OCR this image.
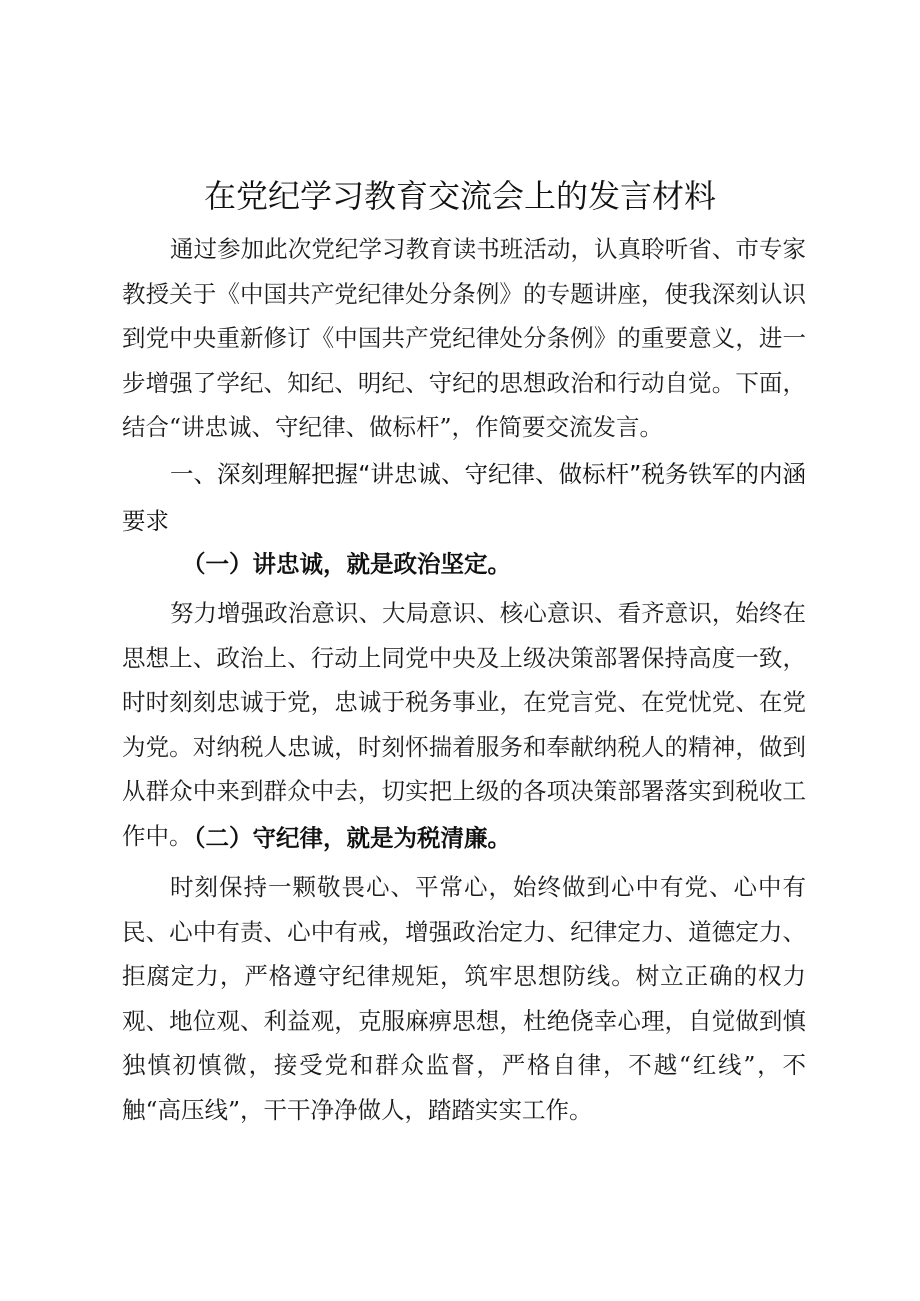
在党纪学习教育交流会上的发言材料

通过参加此次党纪学习教育读书班活动，认真聆听省、市专家教授关于《中国共产党纪律处分条例》的专题讲座，使我深刻认识到党中央重新修订《中国共产党纪律处分条例》的重要意义，进一步增强了学纪、知纪、明纪、守纪的思想政治和行动自觉。下面，结合“讲忠诚、守纪律、做标杆”，作简要交流发言。

一、深刻理解把握“讲忠诚、守纪律、做标杆”税务铁军的内涵要求

（一）讲忠诚，就是政治坚定。

努力增强政治意识、大局意识、核心意识、看齐意识，始终在思想上、政治上、行动上同党中央及上级决策部署保持高度一致，时时刻刻忠诚于党，忠诚于税务事业，在党言党、在党忧党、在党为党。对纳税人忠诚，时刻怀揣着服务和奉献纳税人的精神，做到从群众中来到群众中去，切实把上级的各项决策部署落实到税收工作中。

（二）守纪律，就是为税清廉。

时刻保持一颗敬畏心、平常心，始终做到心中有党、心中有民、心中有责、心中有戒，增强政治定力、纪律定力、道德定力、拒腐定力，严格遵守纪律规矩，筑牢思想防线。树立正确的权力观、地位观、利益观，克服麻痹思想，杜绝侥幸心理，自觉做到慎独慎初慎微，接受党和群众监督，严格自律，不越“红线”，不触“高压线”，干干净净做人，踏踏实实工作。
